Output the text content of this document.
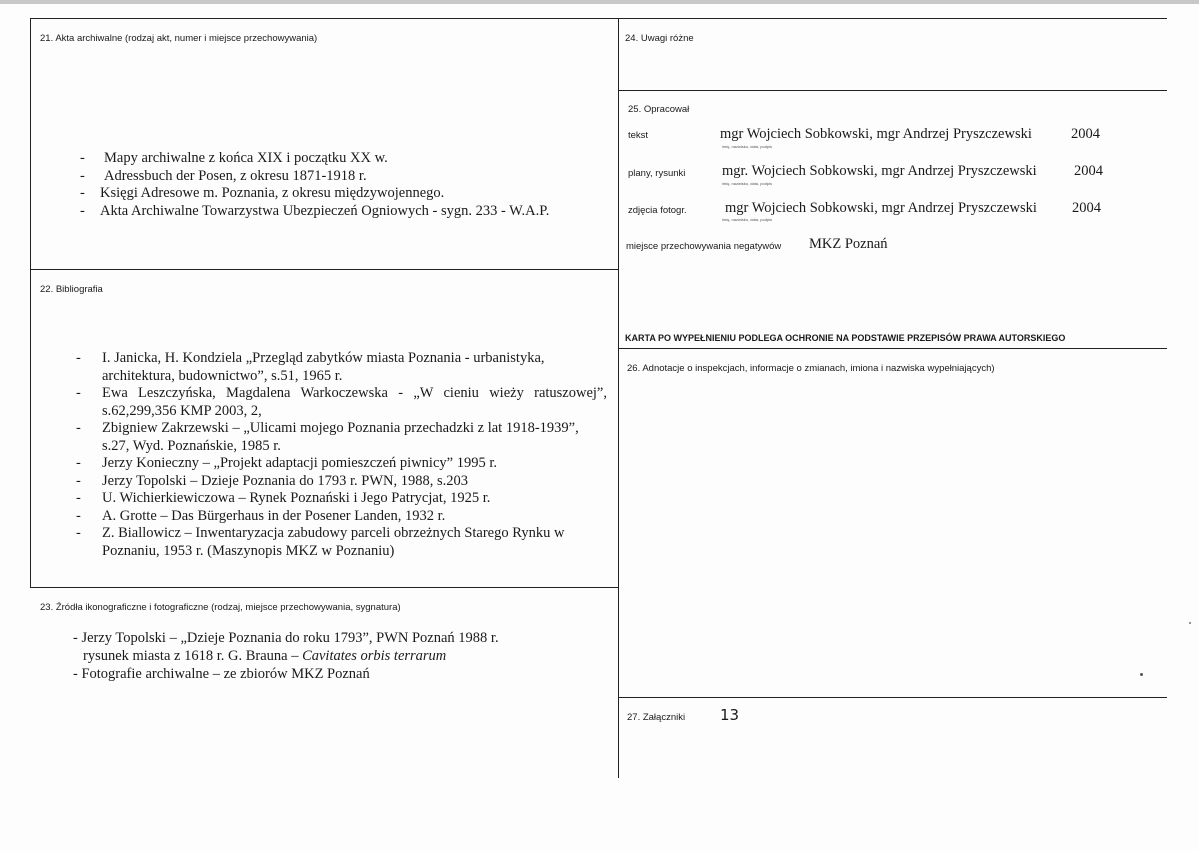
21. Akta archiwalne (rodzaj akt, numer i miejsce przechowywania)
- Mapy archiwalne z końca XIX i początku XX w.
- Adressbuch der Posen, z okresu 1871-1918 r.
- Księgi Adresowe m. Poznania, z okresu międzywojennego.
- Akta Archiwalne Towarzystwa Ubezpieczeń Ogniowych - sygn. 233 - W.A.P.
22. Bibliografia
- I. Janicka, H. Kondziela „Przegląd zabytków miasta Poznania - urbanistyka, architektura, budownictwo”, s.51, 1965 r.
- Ewa Leszczyńska, Magdalena Warkoczewska - „W cieniu wieży ratuszowej”, s.62,299,356 KMP 2003, 2,
- Zbigniew Zakrzewski – „Ulicami mojego Poznania przechadzki z lat 1918-1939”, s.27, Wyd. Poznańskie, 1985 r.
- Jerzy Konieczny – „Projekt adaptacji pomieszczeń piwnicy” 1995 r.
- Jerzy Topolski – Dzieje Poznania do 1793 r. PWN, 1988, s.203
- U. Wichierkiewiczowa – Rynek Poznański i Jego Patrycjat, 1925 r.
- A. Grotte – Das Bürgerhaus in der Posener Landen, 1932 r.
- Z. Biallowicz – Inwentaryzacja zabudowy parceli obrzeżnych Starego Rynku w Poznaniu, 1953 r. (Maszynopis MKZ w Poznaniu)
23. Źródła ikonograficzne i fotograficzne (rodzaj, miejsce przechowywania, sygnatura)
- Jerzy Topolski – „Dzieje Poznania do roku 1793”, PWN Poznań 1988 r.
rysunek miasta z 1618 r. G. Brauna – Cavitates orbis terrarum
- Fotografie archiwalne – ze zbiorów MKZ Poznań
24. Uwagi różne
25. Opracował
tekst	mgr Wojciech Sobkowski, mgr Andrzej Pryszczewski	2004
imię, nazwisko, data, podpis
plany, rysunki	mgr. Wojciech Sobkowski, mgr Andrzej Pryszczewski	2004
imię, nazwisko, data, podpis
zdjęcia fotogr.	mgr Wojciech Sobkowski, mgr Andrzej Pryszczewski 2004
imię, nazwisko, data, podpis
miejsce przechowywania negatywów MKZ Poznań
KARTA PO WYPEŁNIENIU PODLEGA OCHRONIE NA PODSTAWIE PRZEPISÓW PRAWA AUTORSKIEGO
26. Adnotacje o inspekcjach, informacje o zmianach, imiona i nazwiska wypełniających)
27. Załączniki 13
